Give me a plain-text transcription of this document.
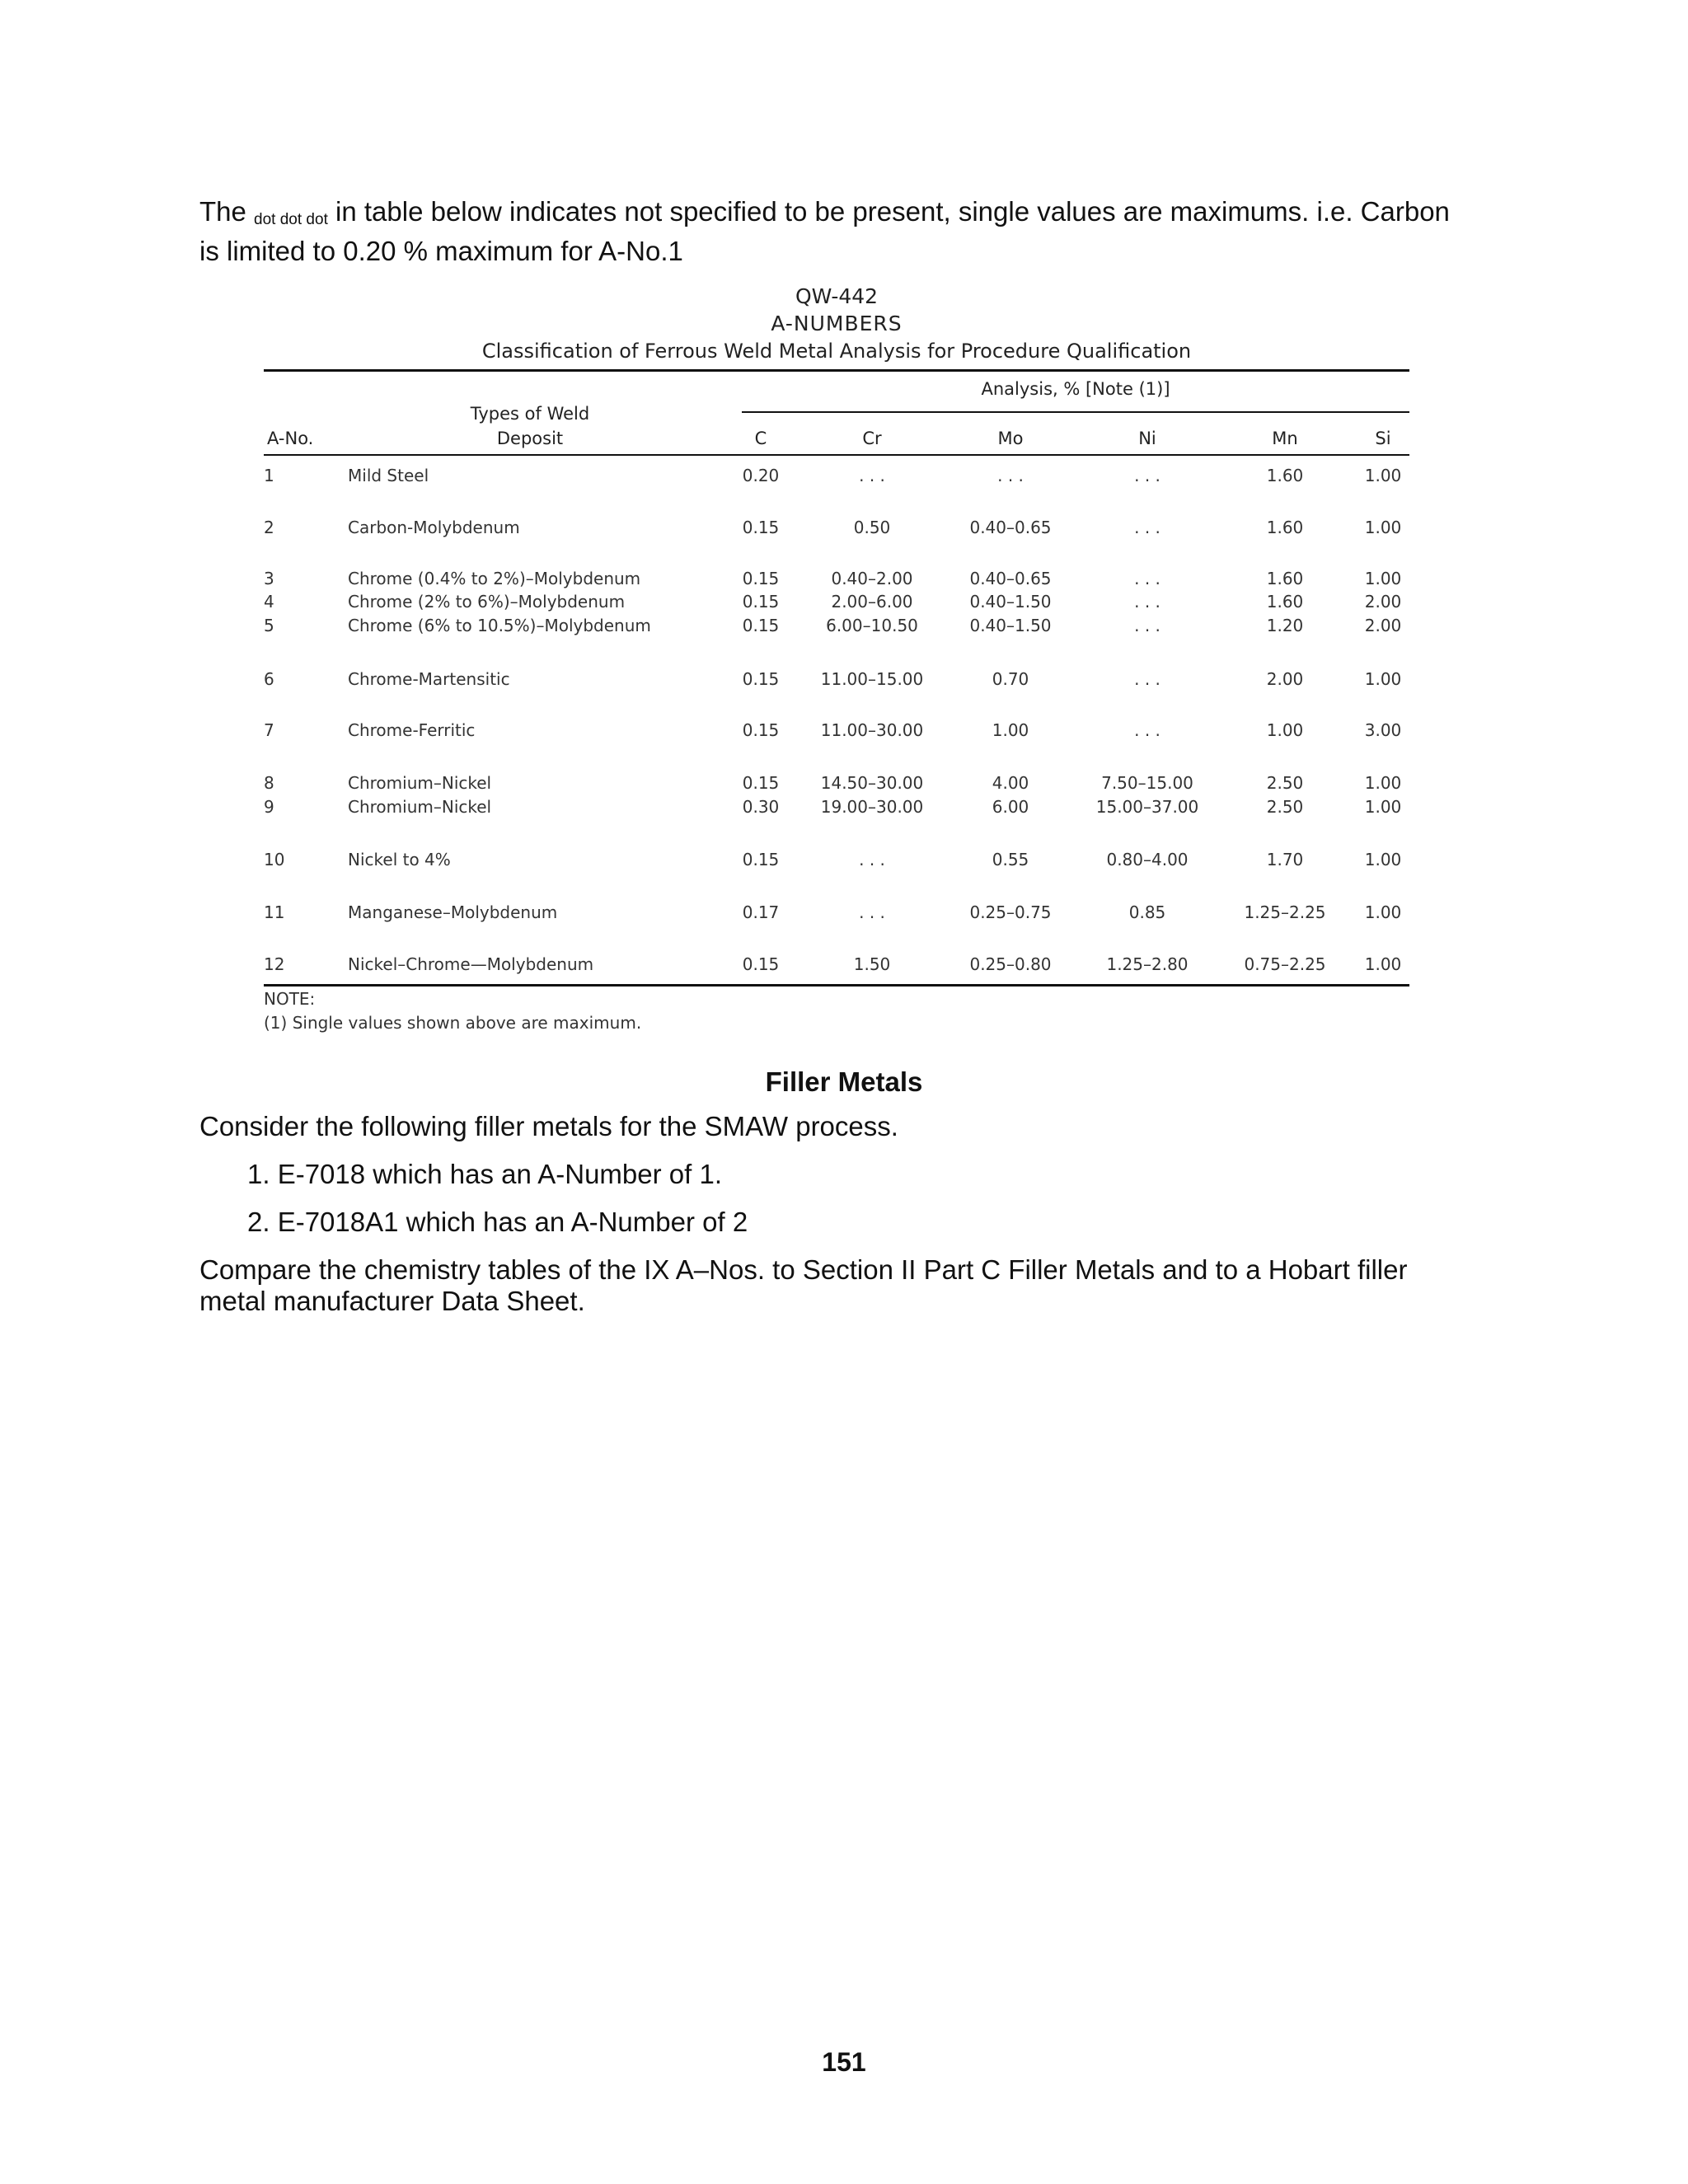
The dot dot dot in table below indicates not specified to be present, single values are maximums. i.e. Carbon
is limited to 0.20 % maximum for A-No.1
QW-442
A-NUMBERS
Classification of Ferrous Weld Metal Analysis for Procedure Qualification
Analysis, % [Note (1)]
Types of Weld
A-No.	Deposit	C	Cr	Mo	Ni	Mn	Si
1	Mild Steel	0.20	. . .	. . .	. . .	1.60	1.00
2	Carbon-Molybdenum	0.15	0.50	0.40–0.65	. . .	1.60	1.00
3	Chrome (0.4% to 2%)–Molybdenum	0.15	0.40–2.00	0.40–0.65	. . .	1.60	1.00
4	Chrome (2% to 6%)–Molybdenum	0.15	2.00–6.00	0.40–1.50	. . .	1.60	2.00
5	Chrome (6% to 10.5%)–Molybdenum	0.15	6.00–10.50	0.40–1.50	. . .	1.20	2.00
6	Chrome-Martensitic	0.15	11.00–15.00	0.70	. . .	2.00	1.00
7	Chrome-Ferritic	0.15	11.00–30.00	1.00	. . .	1.00	3.00
8	Chromium–Nickel	0.15	14.50–30.00	4.00	7.50–15.00	2.50	1.00
9	Chromium–Nickel	0.30	19.00–30.00	6.00	15.00–37.00	2.50	1.00
10	Nickel to 4%	0.15	. . .	0.55	0.80–4.00	1.70	1.00
11	Manganese–Molybdenum	0.17	. . .	0.25–0.75	0.85	1.25–2.25 1.00
12	Nickel–Chrome—Molybdenum	0.15	1.50	0.25–0.80	1.25–2.80	0.75–2.25 1.00
NOTE:
(1) Single values shown above are maximum.
Filler Metals
Consider the following filler metals for the SMAW process.
1. E-7018 which has an A-Number of 1.
2. E-7018A1 which has an A-Number of 2
Compare the chemistry tables of the IX A–Nos. to Section II Part C Filler Metals and to a Hobart filler
metal manufacturer Data Sheet.
151
